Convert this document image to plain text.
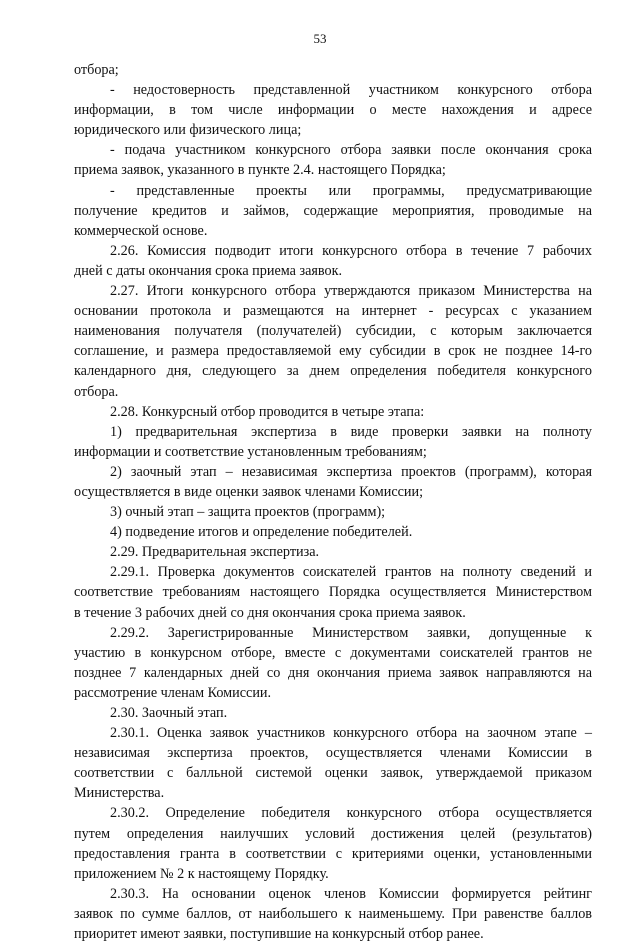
53
отбора;
- недостоверность представленной участником конкурсного отбора
информации, в том числе информации о месте нахождения и адресе
юридического или физического лица;
- подача участником конкурсного отбора заявки после окончания срока
приема заявок, указанного в пункте 2.4. настоящего Порядка;
- представленные проекты или программы, предусматривающие
получение кредитов и займов, содержащие мероприятия, проводимые на
коммерческой основе.
2.26. Комиссия подводит итоги конкурсного отбора в течение 7 рабочих
дней с даты окончания срока приема заявок.
2.27. Итоги конкурсного отбора утверждаются приказом Министерства на
основании протокола и размещаются на интернет - ресурсах с указанием
наименования получателя (получателей) субсидии, с которым заключается
соглашение, и размера предоставляемой ему субсидии в срок не позднее 14-го
календарного дня, следующего за днем определения победителя конкурсного
отбора.
2.28. Конкурсный отбор проводится в четыре этапа:
1) предварительная экспертиза в виде проверки заявки на полноту
информации и соответствие установленным требованиям;
2) заочный этап – независимая экспертиза проектов (программ), которая
осуществляется в виде оценки заявок членами Комиссии;
3) очный этап – защита проектов (программ);
4) подведение итогов и определение победителей.
2.29. Предварительная экспертиза.
2.29.1. Проверка документов соискателей грантов на полноту сведений и
соответствие требованиям настоящего Порядка осуществляется Министерством
в течение 3 рабочих дней со дня окончания срока приема заявок.
2.29.2. Зарегистрированные Министерством заявки, допущенные к
участию в конкурсном отборе, вместе с документами соискателей грантов не
позднее 7 календарных дней со дня окончания приема заявок направляются на
рассмотрение членам Комиссии.
2.30. Заочный этап.
2.30.1. Оценка заявок участников конкурсного отбора на заочном этапе –
независимая экспертиза проектов, осуществляется членами Комиссии в
соответствии с балльной системой оценки заявок, утверждаемой приказом
Министерства.
2.30.2. Определение победителя конкурсного отбора осуществляется
путем определения наилучших условий достижения целей (результатов)
предоставления гранта в соответствии с критериями оценки, установленными
приложением № 2 к настоящему Порядку.
2.30.3. На основании оценок членов Комиссии формируется рейтинг
заявок по сумме баллов, от наибольшего к наименьшему. При равенстве баллов
приоритет имеют заявки, поступившие на конкурсный отбор ранее.
